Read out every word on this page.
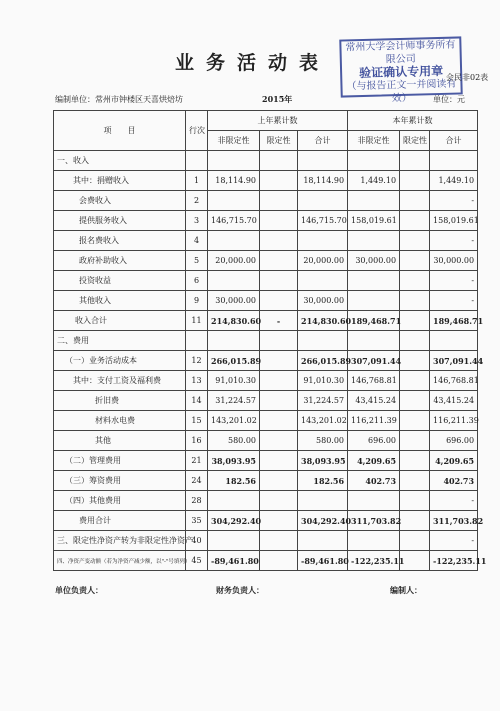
业务活动表
常州大学会计师事务所有限公司
验证确认专用章
（与报告正文一并阅读有效）
会民非02表
编制单位：常州市钟楼区天喜烘焙坊	2015年	单位：元
项　　目	行次	上年累计数			本年累计数		
		非限定性	限定性	合计	非限定性	限定性	合计
一、收入							
其中：捐赠收入	1	18,114.90		18,114.90	1,449.10		1,449.10
会费收入	2						-
提供服务收入	3	146,715.70		146,715.70	158,019.61		158,019.61
报名费收入	4						-
政府补助收入	5	20,000.00		20,000.00	30,000.00		30,000.00
投资收益	6						-
其他收入	9	30,000.00		30,000.00			-
收入合计	11	214,830.60	-	214,830.60	189,468.71		189,468.71
二、费用							
（一）业务活动成本	12	266,015.89		266,015.89	307,091.44		307,091.44
其中：支付工资及福利费	13	91,010.30		91,010.30	146,768.81		146,768.81
折旧费	14	31,224.57		31,224.57	43,415.24		43,415.24
材料水电费	15	143,201.02		143,201.02	116,211.39		116,211.39
其他	16	580.00		580.00	696.00		696.00
（二）管理费用	21	38,093.95		38,093.95	4,209.65		4,209.65
（三）筹资费用	24	182.56		182.56	402.73		402.73
（四）其他费用	28						-
费用合计	35	304,292.40		304,292.40	311,703.82		311,703.82
三、限定性净资产转为非限定性净资产	40						-
四、净资产变动额（若为净资产减少额，以"-"号填列）	45	-89,461.80		-89,461.80	-122,235.11		-122,235.11
单位负责人：	财务负责人：	编制人：
